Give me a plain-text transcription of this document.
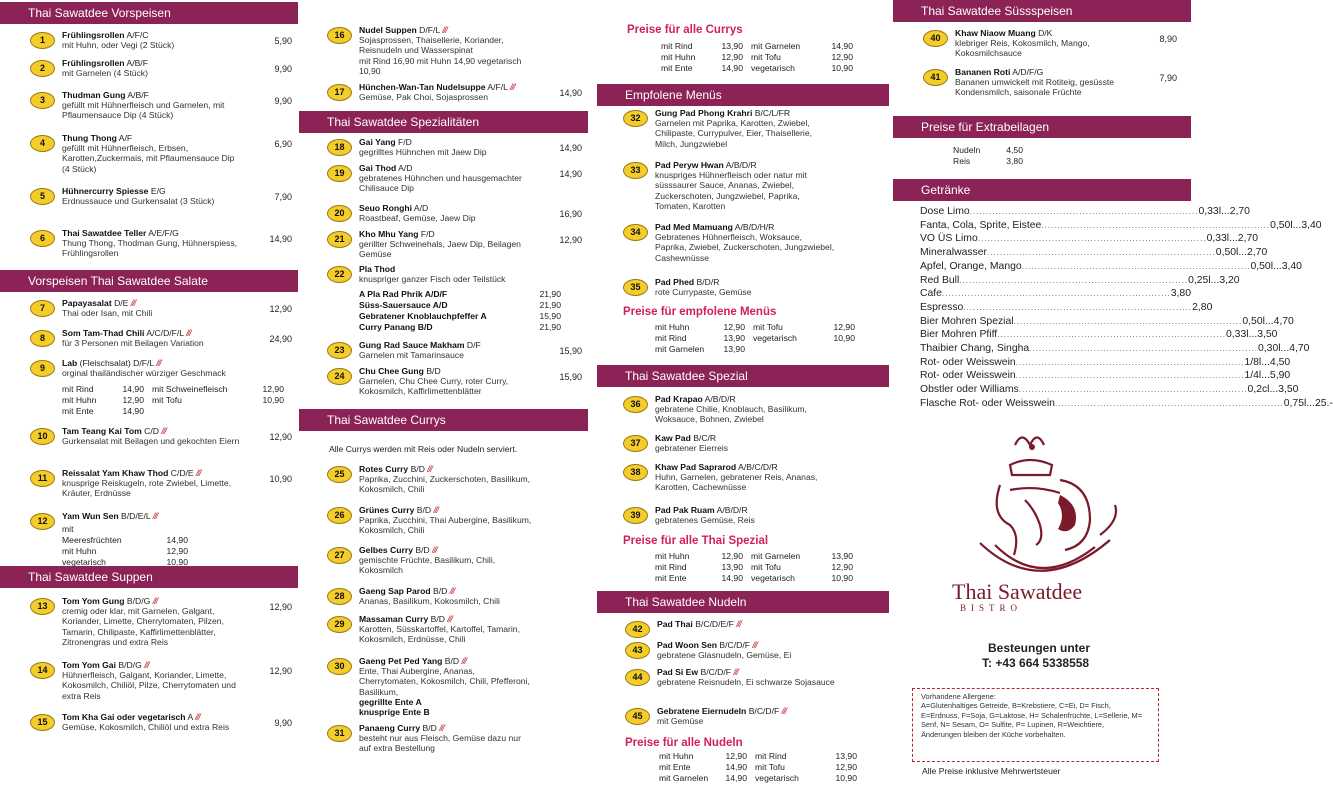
Thai Sawatdee Vorspeisen
Vorspeisen Thai Sawatdee Salate
Thai Sawatdee Suppen
1	Frühlingsrollen A/F/C
mit Huhn, oder Vegi (2 Stück)	5,90
2	Frühlingsrollen A/B/F
mit Garnelen (4 Stück)	9,90
3	Thudman Gung A/B/F
gefüllt mit Hühnerfleisch und Garnelen, mit Pflaumensauce Dip (4 Stück)
9,90
4	Thung Thong A/F
gefüllt mit Hühnerfleisch, Erbsen, Karotten,Zuckermais, mit Pflaumensauce Dip (4 Stück)
6,90
5	Hühnercurry Spiesse E/G
Erdnussauce und Gurkensalat (3 Stück)	7,90
6	Thai Sawatdee Teller A/E/F/G
Thung Thong, Thodman Gung, Hühnerspiess, Frühlingsrollen
14,90
7	Papayasalat D/E ///
Thai oder Isan, mit Chili	12,90
8	Som Tam-Thad Chili A/C/D/F/L ///
für 3 Personen mit Beilagen Variation	24,90
9	Lab (Fleischsalat) D/F/L ///
orginal thailändischer würziger Geschmack
mit Rind	14,90 mit Schweinefleisch	12,90
mit Huhn	12,90 mit Tofu	10,90
mit Ente	14,90
10	Tam Teang Kai Tom C/D ///
Gurkensalat mit Beilagen und gekochten Eiern	12,90
11	Reissalat Yam Khaw Thod C/D/E ///
knusprige Reiskugeln, rote Zwiebel, Limette, Kräuter, Erdnüsse
10,90
12	Yam Wun Sen B/D/E/L ///
mit Meeresfrüchten	14,90
mit Huhn	12,90
vegetarisch	10,90
13	Tom Yom Gung B/D/G ///
cremig oder klar, mit Garnelen, Galgant, Koriander, Limette, Cherrytomaten, Pilzen, Tamarin, Chilipaste, Kaffirlimettenblätter, Zitronengras und extra Reis
12,90
14	Tom Yom Gai B/D/G ///
Hühnerfleisch, Galgant, Koriander, Limette, Kokosmilch, Chiliöl, Pilze, Cherrytomaten und extra Reis
12,90
15	Tom Kha Gai oder vegetarisch A ///
Gemüse, Kokosmilch, Chiliöl und extra Reis	9,90
Thai Sawatdee Spezialitäten
Thai Sawatdee Currys
Alle Currys werden mit Reis oder Nudeln serviert.
16	Nudel Suppen D/F/L ///
Sojasprossen, Thaisellerie, Koriander, Reisnudeln und Wasserspinat
mit Rind 16,90 mit Huhn 14,90 vegetarisch 10,90
17	Hünchen-Wan-Tan Nudelsuppe A/F/L ///
Gemüse, Pak Choi, Sojasprossen	14,90
18	Gai Yang F/D
gegrilltes Hühnchen mit Jaew Dip	14,90
19	Gai Thod A/D
gebratenes Hühnchen und hausgemachter Chilisauce Dip
14,90
20	Seuo Ronghi A/D
Roastbeaf, Gemüse, Jaew Dip	16,90
21	Kho Mhu Yang F/D
gerillter Schweinehals, Jaew Dip, Beilagen Gemüse
12,90
22	Pla Thod
knuspriger ganzer Fisch oder Teilstück
A Pla Rad Phrik A/D/F	21,90
Süss-Sauersauce A/D	21,90
Gebratener Knoblauchpfeffer A	15,90
Curry Panang B/D	21,90
23	Gung Rad Sauce Makham D/F
Garnelen mit Tamarinsauce	15,90
24	Chu Chee Gung B/D
Garnelen, Chu Chee Curry, roter Curry, Kokosmilch, Kaffirlimettenblätter
15,90
25	Rotes Curry B/D ///
Paprika, Zucchini, Zuckerschoten, Basilikum, Kokosmilch, Chili
26	Grünes Curry B/D ///
Paprika, Zucchini, Thai Aubergine, Basilikum, Kokosmilch, Chili
27	Gelbes Curry B/D ///
gemischte Früchte, Basilikum, Chili, Kokosmilch
28	Gaeng Sap Parod B/D ///
Ananas, Basilikum, Kokosmilch, Chili
29	Massaman Curry B/D ///
Karotten, Süsskartoffel, Kartoffel, Tamarin, Kokosmilch, Erdnüsse, Chili
30	Gaeng Pet Ped Yang B/D ///
Ente, Thai Aubergine, Ananas, Cherrytomaten, Kokosmilch, Chili, Pfefferoni, Basilikum,
gegrillte Ente A
knusprige Ente B
31	Panaeng Curry B/D ///
besteht nur aus Fleisch, Gemüse dazu nur auf extra Bestellung
Preise für alle Currys
Empfolene Menüs
Preise für empfolene Menüs
Thai Sawatdee Spezial
Preise für alle Thai Spezial
Thai Sawatdee Nudeln
Preise für alle Nudeln
mit Rind	13,90 mit Garnelen	14,90
mit Huhn	12,90 mit Tofu	12,90
mit Ente	14,90 vegetarisch	10,90
32	Gung Pad Phong Krahri B/C/L/FR
Garnelen mit Paprika, Karotten, Zwiebel, Chilipaste, Currypulver, Eier, Thaisellerie, Milch, Jungzwiebel
33	Pad Peryw Hwan A/B/D/R
knuspriges Hühnerfleisch oder natur mit süsssaurer Sauce, Ananas, Zwiebel, Zuckerschoten, Jungzwiebel, Paprika, Tomaten, Karotten
34	Pad Med Mamuang A/B/D/H/R
Gebratenes Hühnerfleisch, Woksauce, Paprika, Zwiebel, Zuckerschoten, Jungzwiebel, Cashewnüsse
35	Pad Phed B/D/R
rote Currypaste, Gemüse
mit Huhn	12,90 mit Tofu	12,90
mit Rind	13,90 vegetarisch	10,90
mit Garnelen 13,90
36	Pad Krapao A/B/D/R
gebratene Chilie, Knoblauch, Basilikum, Woksauce, Bohnen, Zwiebel
37	Kaw Pad B/C/R
gebratener Eierreis
38	Khaw Pad Saprarod A/B/C/D/R
Huhn, Garnelen, gebratener Reis, Ananas, Karotten, Cachewnüsse
39	Pad Pak Ruam A/B/D/R
gebratenes Gemüse, Reis
mit Huhn	12,90 mit Garnelen	13,90
mit Rind	13,90 mit Tofu	12,90
mit Ente	14,90 vegetarisch	10,90
42	Pad Thai B/C/D/E/F ///
43	Pad Woon Sen B/C/D/F ///
gebratene Glasnudeln, Gemüse, Ei
44	Pad Si Ew B/C/D/F ///
gebratene Reisnudeln, Ei schwarze Sojasauce
45	Gebratene Eiernudeln B/C/D/F ///
mit Gemüse
mit Huhn	12,90 mit Rind	13,90
mit Ente	14,90 mit Tofu	12,90
mit Garnelen 14,90 vegetarisch	10,90
Thai Sawatdee Süssspeisen
Preise für Extrabeilagen
Getränke
40	Khaw Niaow Muang D/K
klebriger Reis, Kokosmilch, Mango, Kokosmilchsauce
8,90
41	Bananen Roti A/D/F/G
Bananen umwickelt mit Rotiteig, gesüsste Kondensmilch, saisonale Früchte
7,90
Nudeln	4,50
Reis	3,80
Dose Limo ....................................................................... 0,33l ... 2,70
Fanta, Cola, Sprite, Eistee ....................................................................... 0,50l ... 3,40
VO ÜS Limo ....................................................................... 0,33l ... 2,70
Mineralwasser ....................................................................... 0,50l ... 2,70
Apfel, Orange, Mango ....................................................................... 0,50l ... 3,40
Red Bull ....................................................................... 0,25l ... 3,20
Cafe ....................................................................... 3,80
Espresso ....................................................................... 2,80
Bier Mohren Spezial ....................................................................... 0,50l ... 4,70
Bier Mohren Pfiff ....................................................................... 0,33l ... 3,50
Thaibier Chang, Singha ....................................................................... 0,30l ... 4,70
Rot- oder Weisswein ....................................................................... 1/8l ... 4,50
Rot- oder Weisswein ....................................................................... 1/4l ... 5,90
Obstler oder Williams ....................................................................... 0,2cl ... 3,50
Flasche Rot- oder Weisswein ....................................................................... 0,75l ... 25.-
Thai Sawatdee
BISTRO
Besteungen unter
T: +43 664 5338558
Vorhandene Allergene:
A=Glutenhaltiges Getreide, B=Krebstiere, C=Ei, D= Fisch, E=Erdnuss, F=Soja, G=Laktose, H= Schalenfrüchte, L=Sellerie, M= Senf, N= Sesam, O= Sulfite, P= Lupinen, R=Weichtiere,
Änderungen bleiben der Küche vorbehalten.
Alle Preise inklusive Mehrwertsteuer
